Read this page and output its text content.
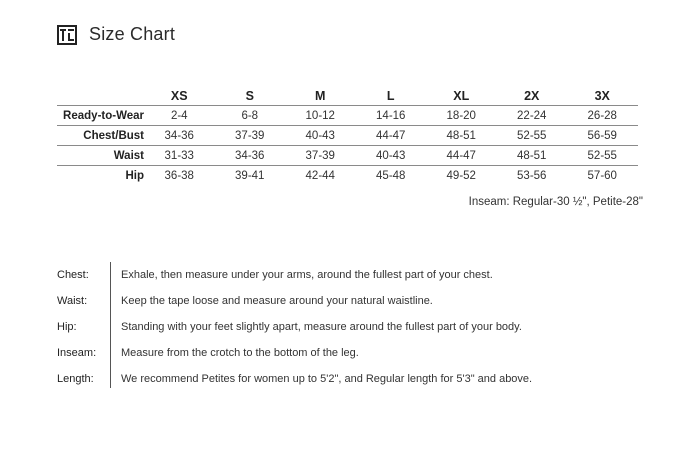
Size Chart
	XS	S	M	L	XL	2X	3X
Ready-to-Wear	2-4	6-8	10-12	14-16	18-20	22-24	26-28
Chest/Bust	34-36	37-39	40-43	44-47	48-51	52-55	56-59
Waist	31-33	34-36	37-39	40-43	44-47	48-51	52-55
Hip	36-38	39-41	42-44	45-48	49-52	53-56	57-60
Inseam: Regular-30 ½", Petite-28"
Chest:	Exhale, then measure under your arms, around the fullest part of your chest.
Waist:	Keep the tape loose and measure around your natural waistline.
Hip:	Standing with your feet slightly apart, measure around the fullest part of your body.
Inseam:	Measure from the crotch to the bottom of the leg.
Length:	We recommend Petites for women up to 5'2", and Regular length for 5'3" and above.
